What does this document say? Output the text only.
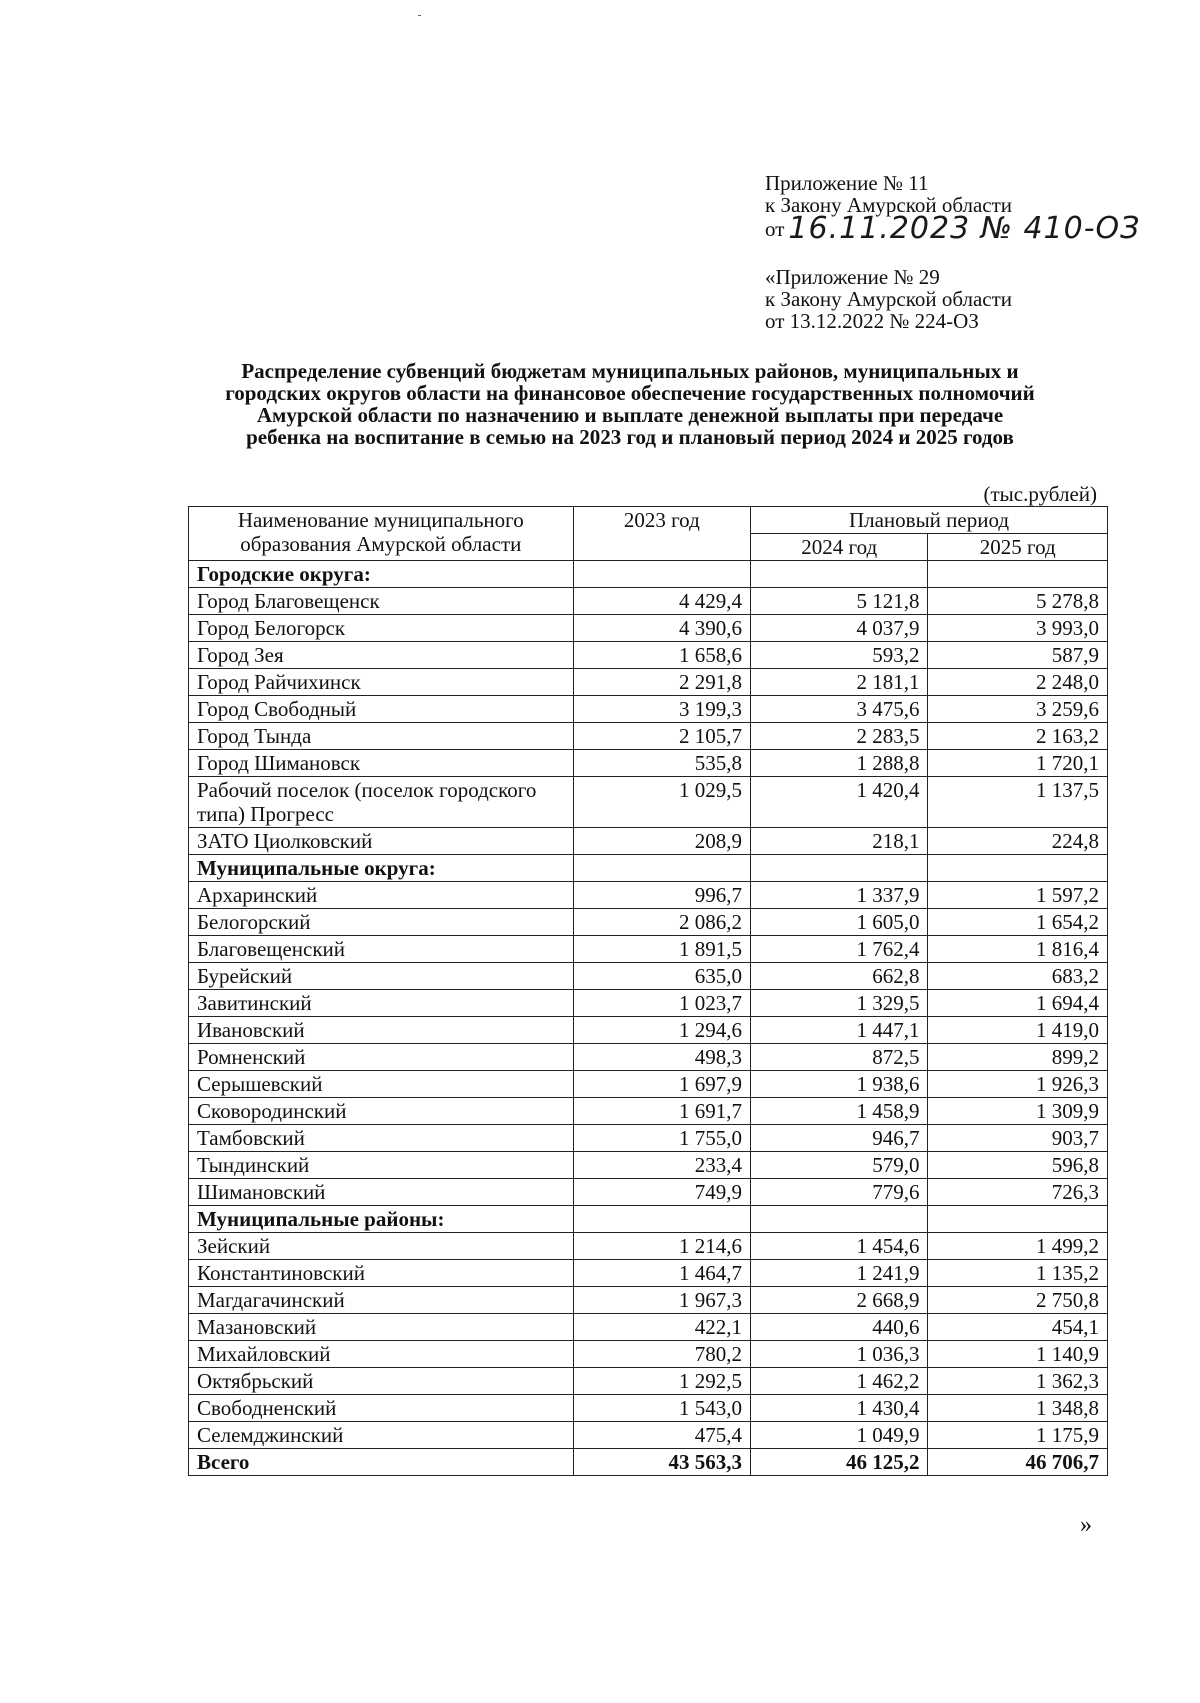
Приложение № 11
к Закону Амурской области
от 16.11.2023 № 410-ОЗ
«Приложение № 29
к Закону Амурской области
от 13.12.2022 № 224-ОЗ
Распределение субвенций бюджетам муниципальных районов, муниципальных и
городских округов области на финансовое обеспечение государственных полномочий
Амурской области по назначению и выплате денежной выплаты при передаче
ребенка на воспитание в семью на 2023 год и плановый период 2024 и 2025 годов
(тыс.рублей)
Наименование муниципального
образования Амурской области	2023 год	Плановый период	
		2024 год	2025 год
Городские округа:			
Город Благовещенск	4 429,4	5 121,8	5 278,8
Город Белогорск	4 390,6	4 037,9	3 993,0
Город Зея	1 658,6	593,2	587,9
Город Райчихинск	2 291,8	2 181,1	2 248,0
Город Свободный	3 199,3	3 475,6	3 259,6
Город Тында	2 105,7	2 283,5	2 163,2
Город Шимановск	535,8	1 288,8	1 720,1
Рабочий поселок (поселок городского типа) Прогресс	1 029,5	1 420,4	1 137,5
ЗАТО Циолковский	208,9	218,1	224,8
Муниципальные округа:			
Архаринский	996,7	1 337,9	1 597,2
Белогорский	2 086,2	1 605,0	1 654,2
Благовещенский	1 891,5	1 762,4	1 816,4
Бурейский	635,0	662,8	683,2
Завитинский	1 023,7	1 329,5	1 694,4
Ивановский	1 294,6	1 447,1	1 419,0
Ромненский	498,3	872,5	899,2
Серышевский	1 697,9	1 938,6	1 926,3
Сковородинский	1 691,7	1 458,9	1 309,9
Тамбовский	1 755,0	946,7	903,7
Тындинский	233,4	579,0	596,8
Шимановский	749,9	779,6	726,3
Муниципальные районы:			
Зейский	1 214,6	1 454,6	1 499,2
Константиновский	1 464,7	1 241,9	1 135,2
Магдагачинский	1 967,3	2 668,9	2 750,8
Мазановский	422,1	440,6	454,1
Михайловский	780,2	1 036,3	1 140,9
Октябрьский	1 292,5	1 462,2	1 362,3
Свободненский	1 543,0	1 430,4	1 348,8
Селемджинский	475,4	1 049,9	1 175,9
Всего	43 563,3	46 125,2	46 706,7
»
